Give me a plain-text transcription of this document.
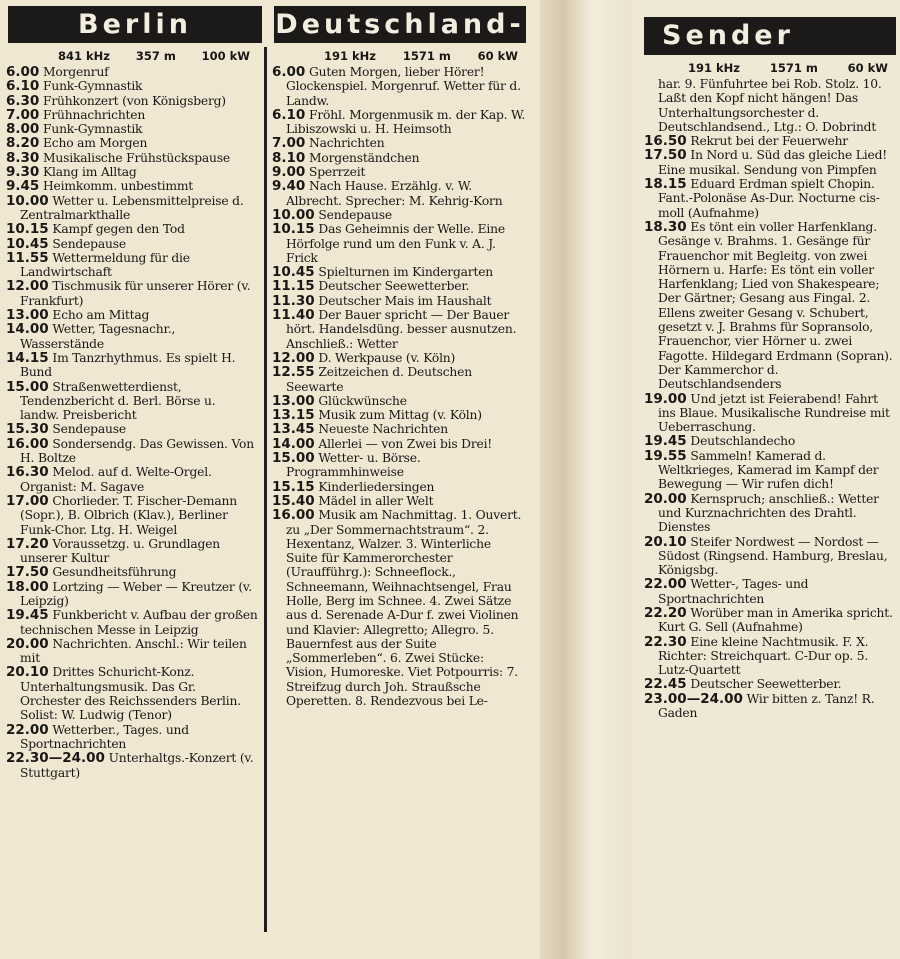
Berlin	Deutschland-	Sender
841 kHz 357 m 100 kW

6.00 Morgenruf

6.10 Funk-Gymnastik

6.30 Frühkonzert (von Königsberg)

7.00 Frühnachrichten

8.00 Funk-Gymnastik

8.20 Echo am Morgen

8.30 Musikalische Frühstückspause

9.30 Klang im Alltag

9.45 Heimkomm. unbestimmt

10.00 Wetter u. Lebensmittelpreise d. Zentralmarkthalle

10.15 Kampf gegen den Tod

10.45 Sendepause

11.55 Wettermeldung für die Landwirtschaft

12.00 Tischmusik für unserer Hörer (v. Frankfurt)

13.00 Echo am Mittag

14.00 Wetter, Tagesnachr., Wasserstände

14.15 Im Tanzrhythmus. Es spielt H. Bund

15.00 Straßenwetterdienst, Tendenzbericht d. Berl. Börse u. landw. Preisbericht

15.30 Sendepause

16.00 Sondersendg. Das Gewissen. Von H. Boltze

16.30 Melod. auf d. Welte-Orgel. Organist: M. Sagave

17.00 Chorlieder. T. Fischer-Demann (Sopr.), B. Olbrich (Klav.), Berliner Funk-Chor. Ltg. H. Weigel

17.20 Voraussetzg. u. Grundlagen unserer Kultur

17.50 Gesundheitsführung

18.00 Lortzing — Weber — Kreutzer (v. Leipzig)

19.45 Funkbericht v. Aufbau der großen technischen Messe in Leipzig

20.00 Nachrichten. Anschl.: Wir teilen mit

20.10 Drittes Schuricht-Konz. Unterhaltungsmusik. Das Gr. Orchester des Reichssenders Berlin. Solist: W. Ludwig (Tenor)

22.00 Wetterber., Tages. und Sportnachrichten

22.30—24.00 Unterhaltgs.-Konzert (v. Stuttgart)

191 kHz 1571 m 60 kW

6.00 Guten Morgen, lieber Hörer! Glockenspiel. Morgenruf. Wetter für d. Landw.

6.10 Fröhl. Morgenmusik m. der Kap. W. Libiszowski u. H. Heimsoth

7.00 Nachrichten

8.10 Morgenständchen

9.00 Sperrzeit

9.40 Nach Hause. Erzählg. v. W. Albrecht. Sprecher: M. Kehrig-Korn

10.00 Sendepause

10.15 Das Geheimnis der Welle. Eine Hörfolge rund um den Funk v. A. J. Frick

10.45 Spielturnen im Kindergarten

11.15 Deutscher Seewetterber.

11.30 Deutscher Mais im Haushalt

11.40 Der Bauer spricht — Der Bauer hört. Handelsdüng. besser ausnutzen. Anschließ.: Wetter

12.00 D. Werkpause (v. Köln)

12.55 Zeitzeichen d. Deutschen Seewarte

13.00 Glückwünsche

13.15 Musik zum Mittag (v. Köln)

13.45 Neueste Nachrichten

14.00 Allerlei — von Zwei bis Drei!

15.00 Wetter- u. Börse. Programmhinweise

15.15 Kinderliedersingen

15.40 Mädel in aller Welt

16.00 Musik am Nachmittag. 1. Ouvert. zu „Der Sommernachtstraum“. 2. Hexentanz, Walzer. 3. Winterliche Suite für Kammerorchester (Uraufführg.): Schneeflock., Schneemann, Weihnachtsengel, Frau Holle, Berg im Schnee. 4. Zwei Sätze aus d. Serenade A-Dur f. zwei Violinen und Klavier: Allegretto; Allegro. 5. Bauernfest aus der Suite „Sommerleben“. 6. Zwei Stücke: Vision, Humoreske. Viet Potpourris: 7. Streifzug durch Joh. Straußsche Operetten. 8. Rendezvous bei Le-

191 kHz	1571 m	60 kW

har. 9. Fünfuhrtee bei Rob. Stolz. 10. Laßt den Kopf nicht hängen! Das Unterhaltungsorchester d. Deutschlandsend., Ltg.: O. Dobrindt

16.50 Rekrut bei der Feuerwehr

17.50 In Nord u. Süd das gleiche Lied! Eine musikal. Sendung von Pimpfen

18.15 Eduard Erdman spielt Chopin. Fant.-Polonäse As-Dur. Nocturne cis-moll (Aufnahme)

18.30 Es tönt ein voller Harfenklang. Gesänge v. Brahms. 1. Gesänge für Frauenchor mit Begleitg. von zwei Hörnern u. Harfe: Es tönt ein voller Harfenklang; Lied von Shakespeare; Der Gärtner; Gesang aus Fingal. 2. Ellens zweiter Gesang v. Schubert, gesetzt v. J. Brahms für Sopransolo, Frauenchor, vier Hörner u. zwei Fagotte. Hildegard Erdmann (Sopran). Der Kammerchor d. Deutschlandsenders

19.00 Und jetzt ist Feierabend! Fahrt ins Blaue. Musikalische Rundreise mit Ueberraschung.

19.45 Deutschlandecho

19.55 Sammeln! Kamerad d. Weltkrieges, Kamerad im Kampf der Bewegung — Wir rufen dich!

20.00 Kernspruch; anschließ.: Wetter und Kurznachrichten des Drahtl. Dienstes

20.10 Steifer Nordwest — Nordost — Südost (Ringsend. Hamburg, Breslau, Königsbg.

22.00 Wetter-, Tages- und Sportnachrichten

22.20 Worüber man in Amerika spricht. Kurt G. Sell (Aufnahme)

22.30 Eine kleine Nachtmusik. F. X. Richter: Streichquart. C-Dur op. 5. Lutz-Quartett

22.45 Deutscher Seewetterber.

23.00—24.00 Wir bitten z. Tanz! R. Gaden
